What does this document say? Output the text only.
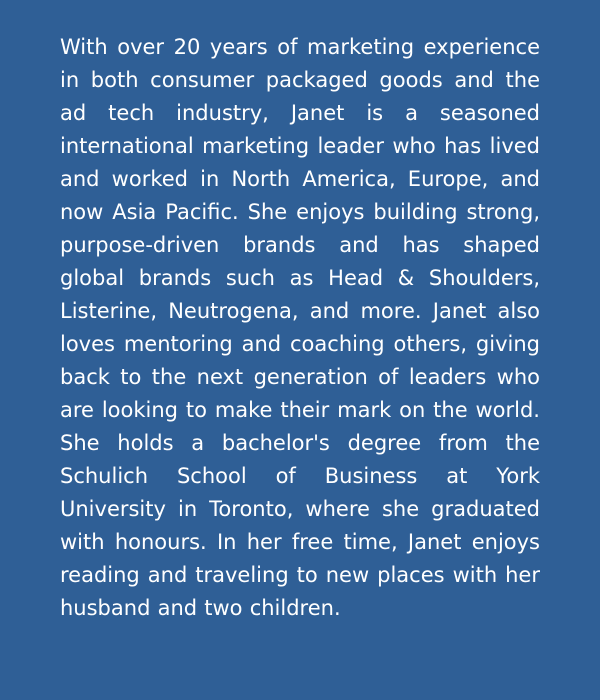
With over 20 years of marketing experience in both consumer packaged goods and the ad tech industry, Janet is a seasoned international marketing leader who has lived and worked in North America, Europe, and now Asia Pacific. She enjoys building strong, purpose-driven brands and has shaped global brands such as Head & Shoulders, Listerine, Neutrogena, and more. Janet also loves mentoring and coaching others, giving back to the next generation of leaders who are looking to make their mark on the world. She holds a bachelor's degree from the Schulich School of Business at York University in Toronto, where she graduated with honours. In her free time, Janet enjoys reading and traveling to new places with her husband and two children.
